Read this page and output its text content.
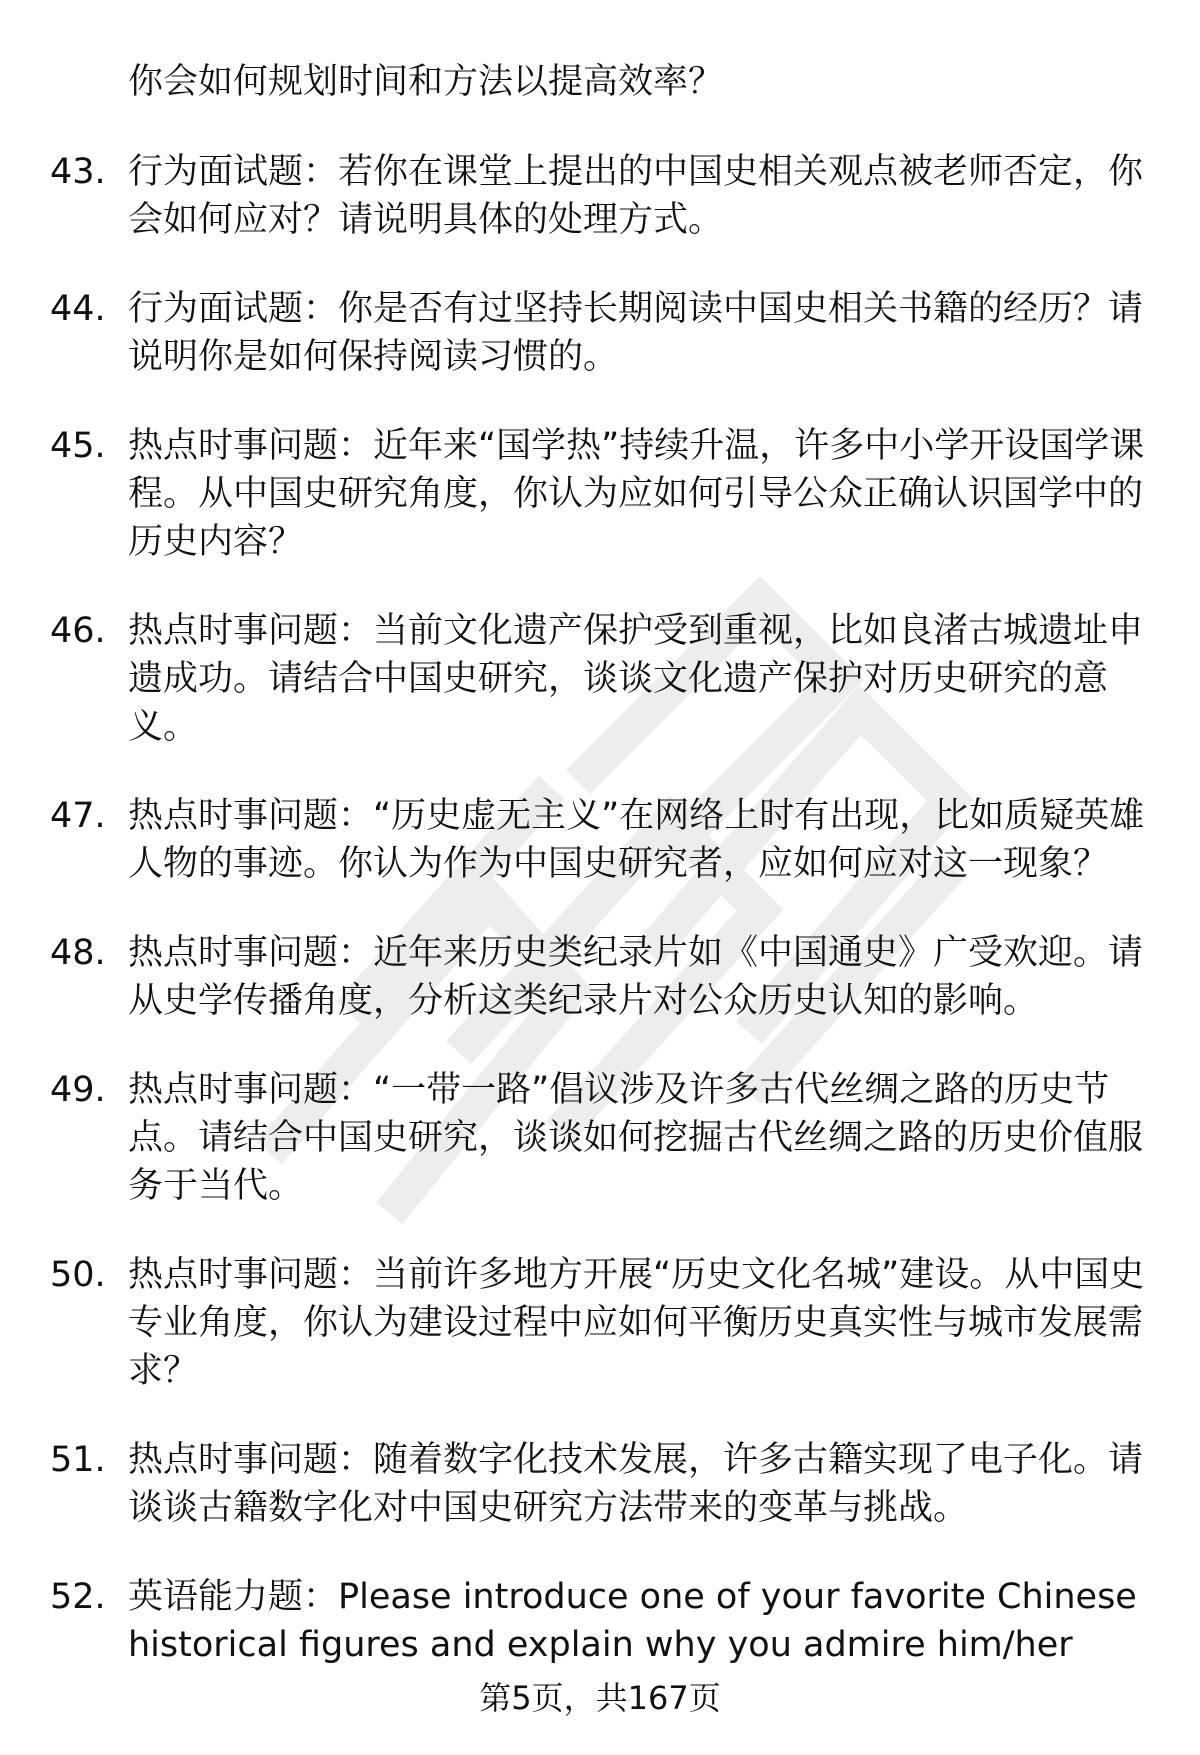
你会如何规划时间和方法以提高效率？
43. 行为面试题：若你在课堂上提出的中国史相关观点被老师否定，你会如何应对？请说明具体的处理方式。
44. 行为面试题：你是否有过坚持长期阅读中国史相关书籍的经历？请说明你是如何保持阅读习惯的。
45. 热点时事问题：近年来“国学热”持续升温，许多中小学开设国学课程。从中国史研究角度，你认为应如何引导公众正确认识国学中的历史内容？
46. 热点时事问题：当前文化遗产保护受到重视，比如良渚古城遗址申遗成功。请结合中国史研究，谈谈文化遗产保护对历史研究的意义。
47. 热点时事问题：“历史虚无主义”在网络上时有出现，比如质疑英雄人物的事迹。你认为作为中国史研究者，应如何应对这一现象？
48. 热点时事问题：近年来历史类纪录片如《中国通史》广受欢迎。请从史学传播角度，分析这类纪录片对公众历史认知的影响。
49. 热点时事问题：“一带一路”倡议涉及许多古代丝绸之路的历史节点。请结合中国史研究，谈谈如何挖掘古代丝绸之路的历史价值服务于当代。
50. 热点时事问题：当前许多地方开展“历史文化名城”建设。从中国史专业角度，你认为建设过程中应如何平衡历史真实性与城市发展需求？
51. 热点时事问题：随着数字化技术发展，许多古籍实现了电子化。请谈谈古籍数字化对中国史研究方法带来的变革与挑战。
52. 英语能力题：Please introduce one of your favorite Chinese historical figures and explain why you admire him/her
第5页，共167页
